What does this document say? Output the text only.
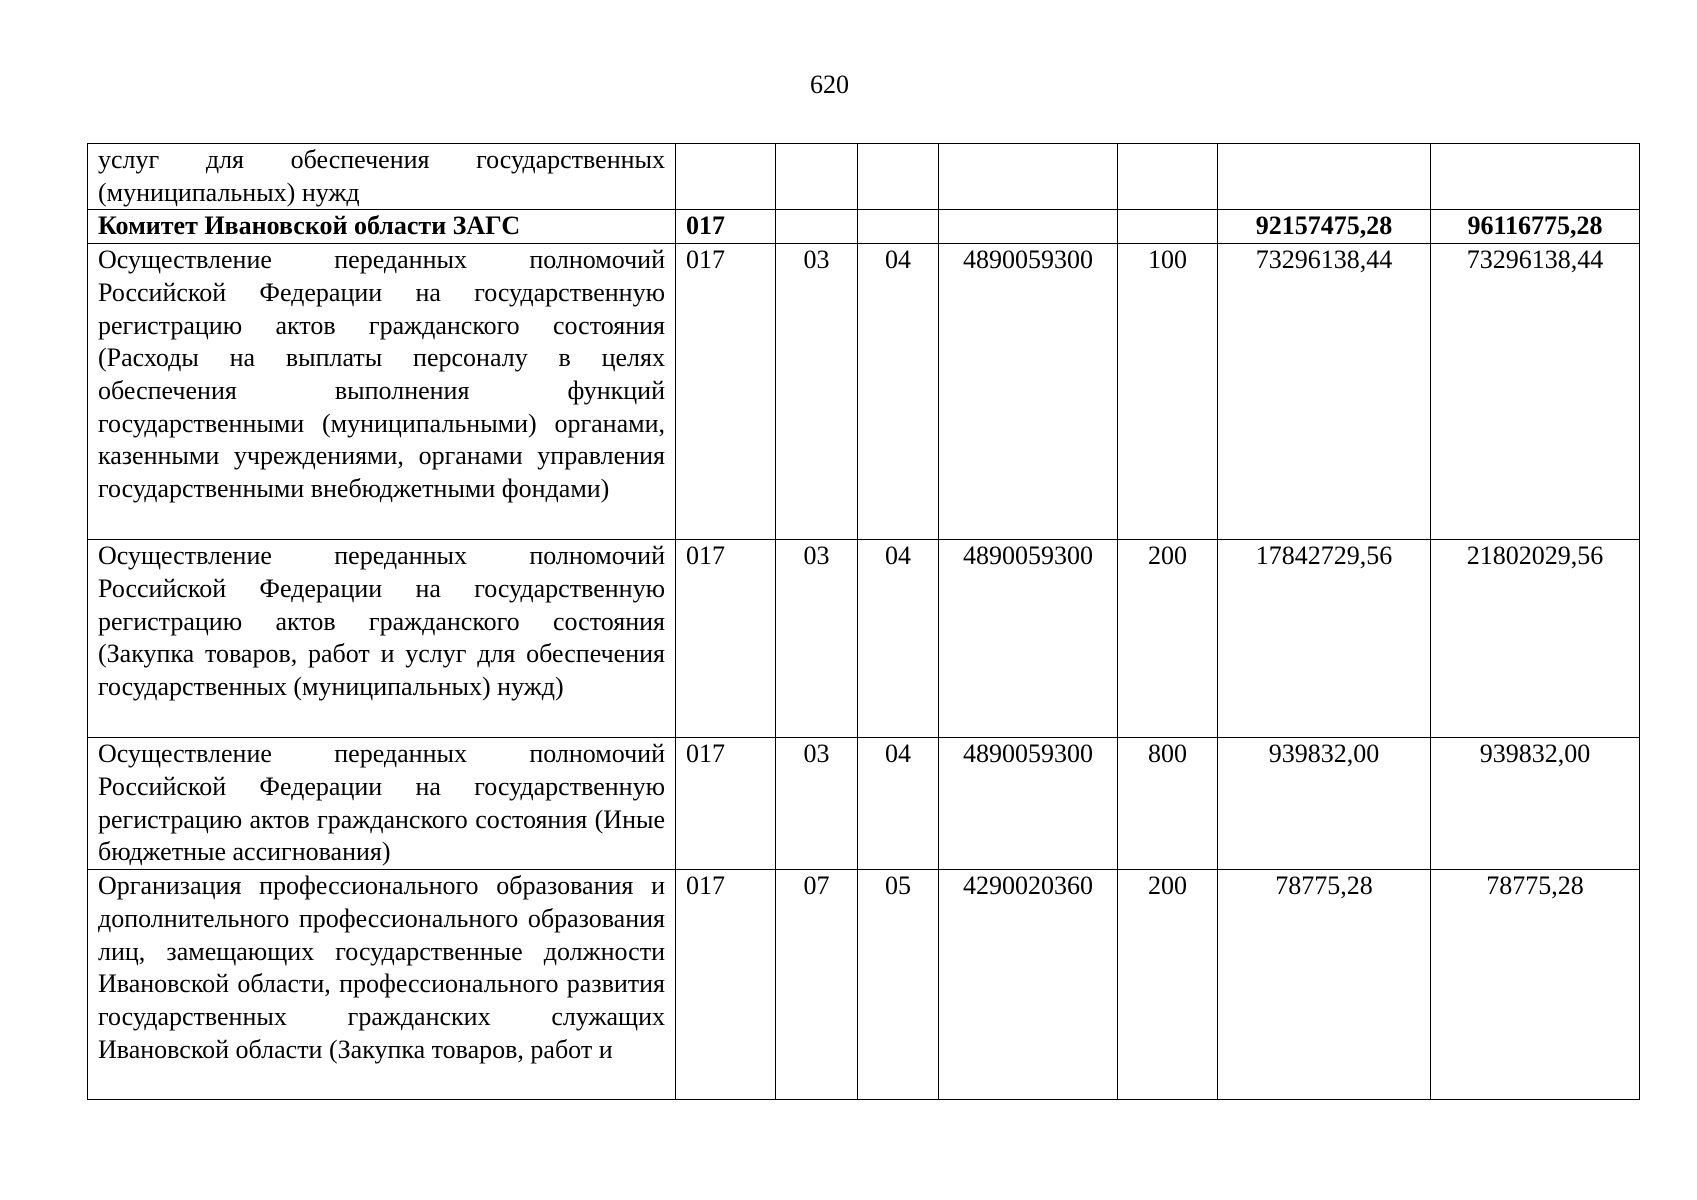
620
услуг для обеспечения государственных (муниципальных) нужд							
Комитет Ивановской области ЗАГС	017					92157475,28	96116775,28
Осуществление переданных полномочий Российской Федерации на государственную регистрацию актов гражданского состояния (Расходы на выплаты персоналу в целях обеспечения выполнения функций государственными (муниципальными) органами, казенными учреждениями, органами управления государственными внебюджетными фондами)	017	03	04	4890059300	100	73296138,44	73296138,44
Осуществление переданных полномочий Российской Федерации на государственную регистрацию актов гражданского состояния (Закупка товаров, работ и услуг для обеспечения государственных (муниципальных) нужд)	017	03	04	4890059300	200	17842729,56	21802029,56
Осуществление переданных полномочий Российской Федерации на государственную регистрацию актов гражданского состояния (Иные бюджетные ассигнования)	017	03	04	4890059300	800	939832,00	939832,00
Организация профессионального образования и дополнительного профессионального образования лиц, замещающих государственные должности Ивановской области, профессионального развития государственных гражданских служащих Ивановской области (Закупка товаров, работ и	017	07	05	4290020360	200	78775,28	78775,28
